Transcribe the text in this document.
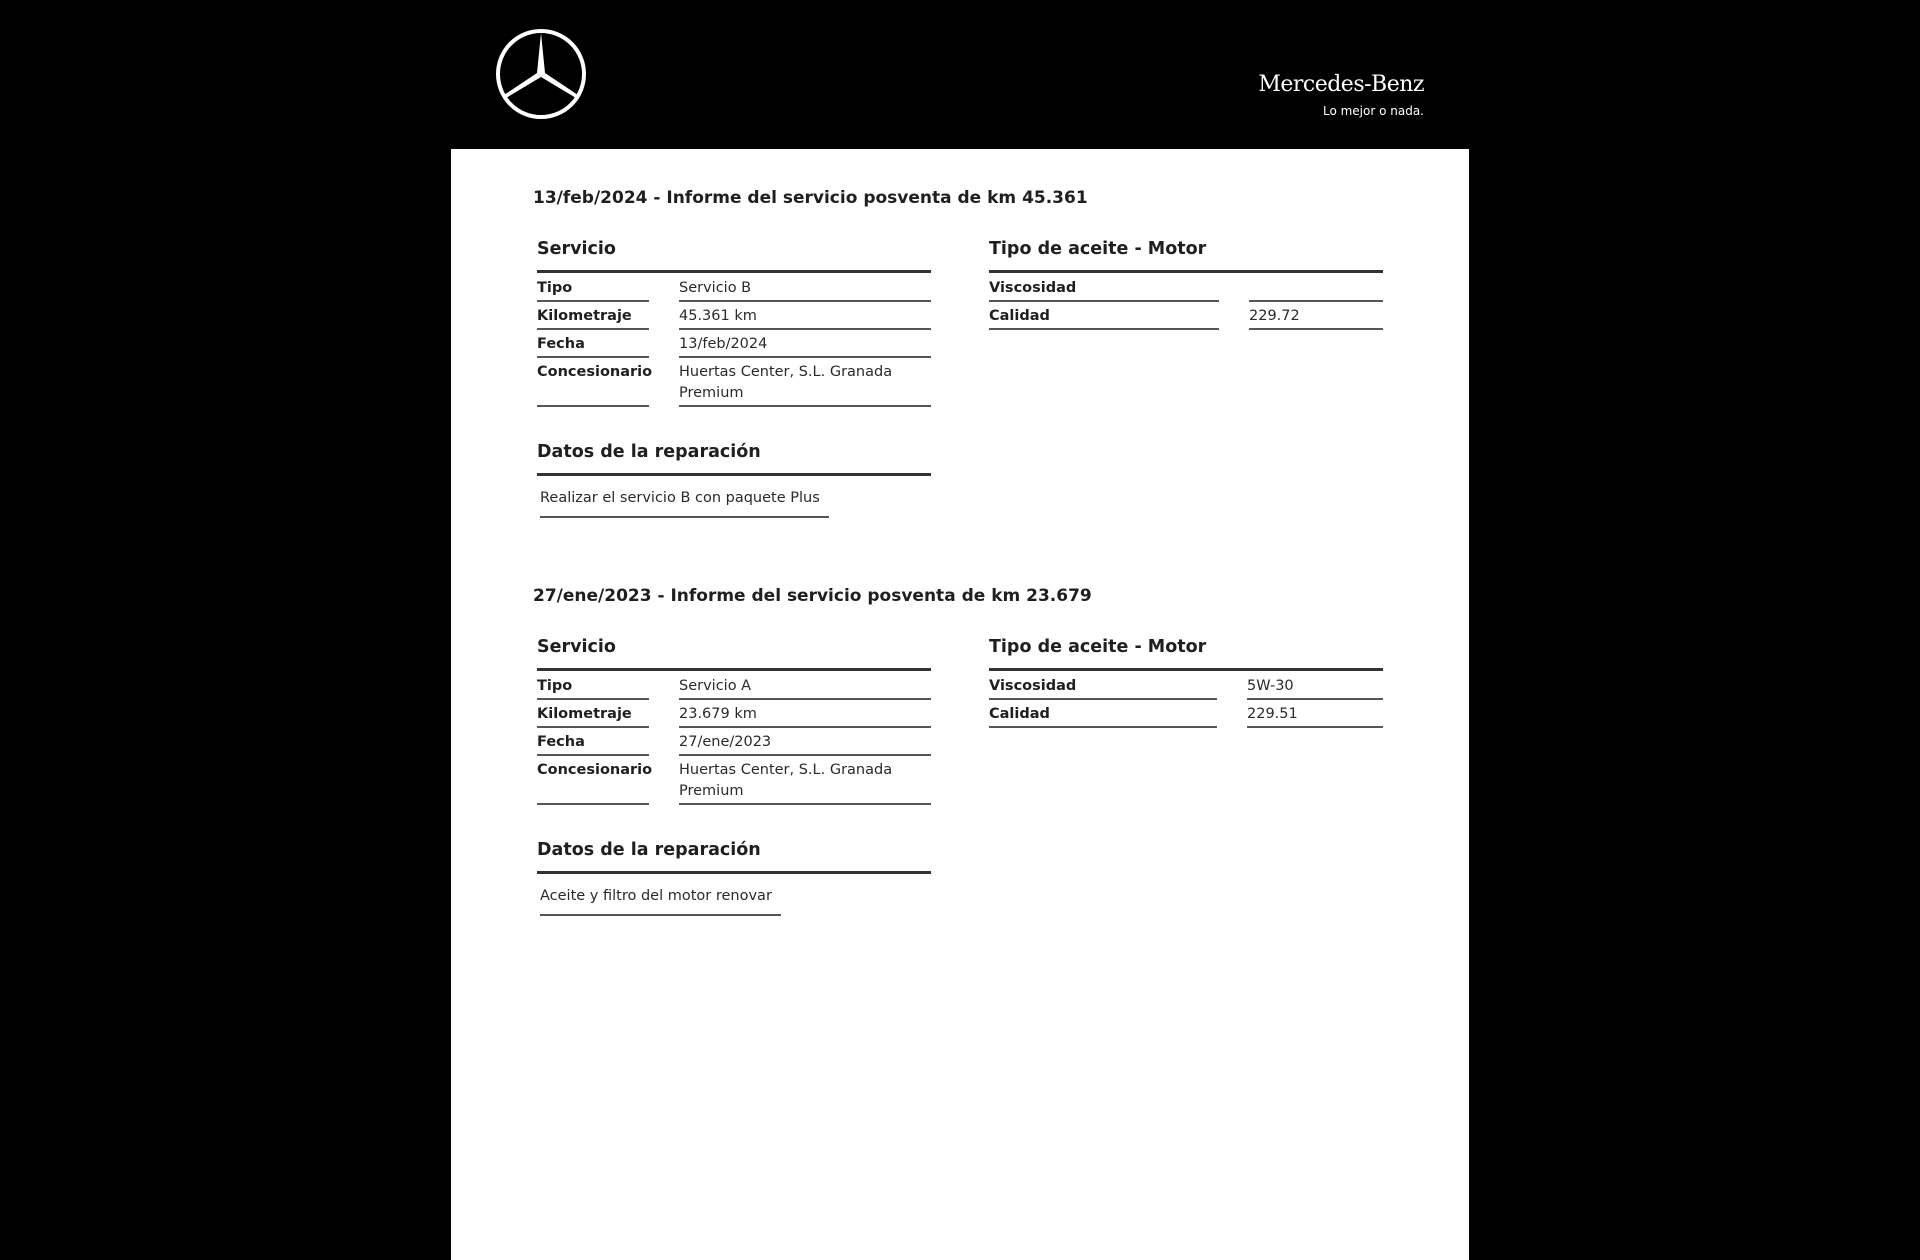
Mercedes-Benz
Lo mejor o nada.
13/feb/2024 - Informe del servicio posventa de km 45.361
Servicio
Tipo	Servicio B
Kilometraje	45.361 km
Fecha	13/feb/2024
Concesionario Huertas Center, S.L. Granada
Premium
Tipo de aceite - Motor
Viscosidad
Calidad	229.72
Datos de la reparación
Realizar el servicio B con paquete Plus
27/ene/2023 - Informe del servicio posventa de km 23.679
Servicio
Tipo	Servicio A
Kilometraje	23.679 km
Fecha	27/ene/2023
Concesionario Huertas Center, S.L. Granada
Premium
Tipo de aceite - Motor
Viscosidad	5W-30
Calidad	229.51
Datos de la reparación
Aceite y filtro del motor renovar
